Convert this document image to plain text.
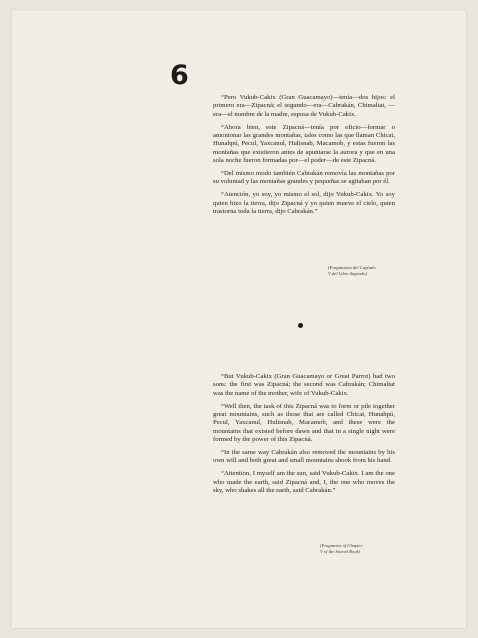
6

“Pero Vukub-Cakix (Gran Guacamayo)—tenía—dos hijos: el primero era—Zipacná; el segundo—era—Cabrakán, Chimaltat, —era—el nombre de la madre, esposa de Vukub-Cakix.

“Ahora bien, este Zipacná—tenía por oficio—formar o amontonar las grandes montañas, tales como las que llaman Chicat, Hunahpú, Pecul, Yaxcanul, Hulisnab, Macamob, y estas fueron las montañas que existieron antes de apuntarse la aurora y que en una sola noche fueron formadas por—el poder—de este Zipacná.

“Del mismo modo también Cabrakán removía las montañas por su voluntad y las montañas grandes y pequeñas se agitaban por él.

“Atención, yo soy, yo mismo el sol, dijo Vukub-Cakix. Yo soy quien hizo la tierra, dijo Zipacná y yo quien mueve el cielo, quien trastorna toda la tierra, dijo Cabrakán.”

(Fragmentos del Capítulo
V del Libro Sagrado)

“But Vukub-Cakix (Gran Guacamayo or Great Parrot) had two sons: the first was Zipacná; the second was Cabrakán; Chimaltat was the name of the mother, wife of Vukub-Cakix.

“Well then, the task of this Zipacná was to form or pile together great mountains, such as those that are called Chicat, Hunahpú, Pecul, Yaxcanul, Hulisnab, Macamob, and these were the mountains that existed before dawn and that in a single night were formed by the power of this Zipacná.

“In the same way Cabrakán also removed the mountains by his own will and both great and small mountains shook from his hand.

“Attention, I myself am the sun, said Vukub-Cakix. I am the one who made the earth, said Zipacná and, I, the one who moves the sky, who shakes all the earth, said Cabrakán.”

(Fragments of Chapter
V of the Sacred Book)
